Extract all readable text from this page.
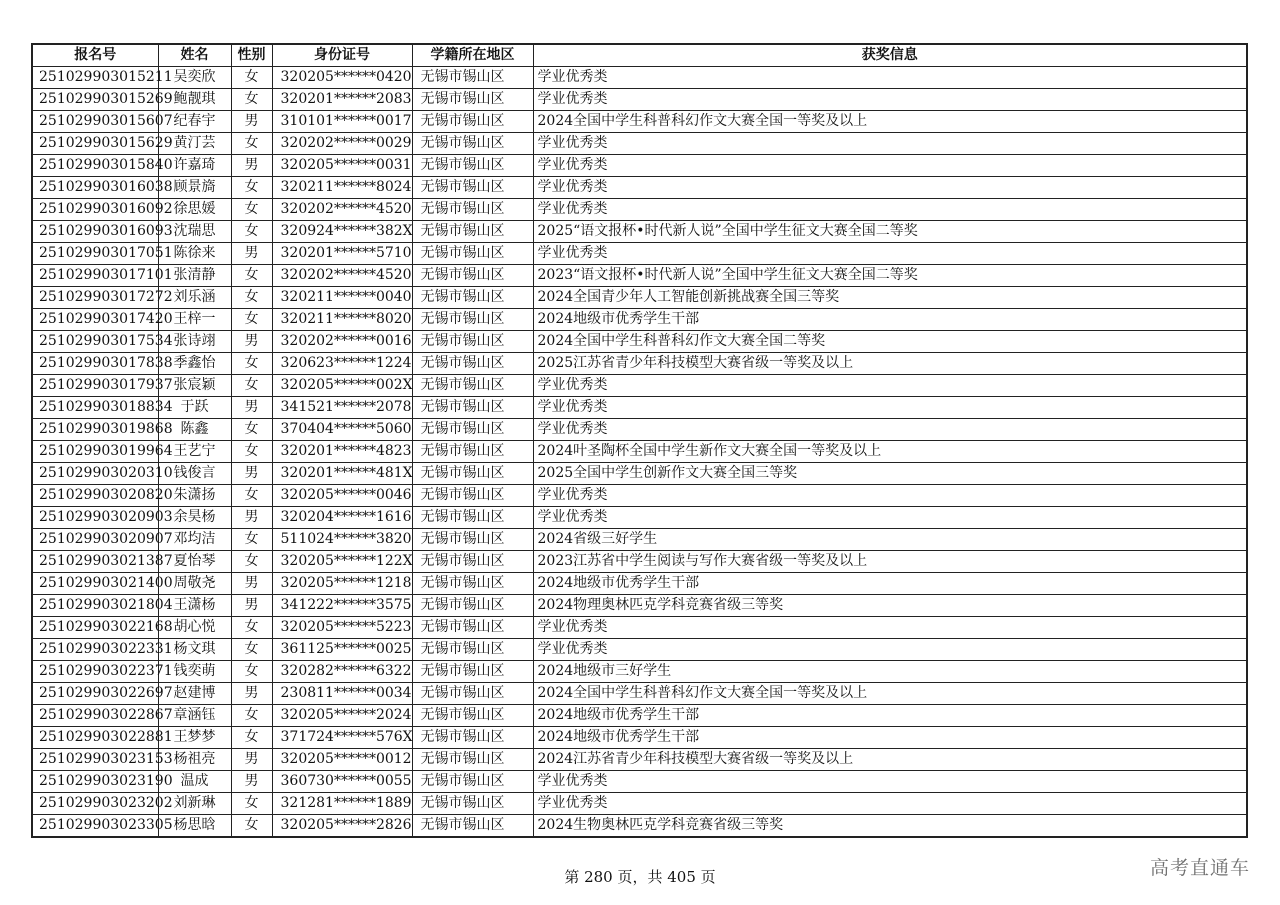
报名号	姓名	性别	身份证号	学籍所在地区	获奖信息
251029903015211	吴奕欣	女	320205******0420	无锡市锡山区	学业优秀类
251029903015269	鲍靓琪	女	320201******2083	无锡市锡山区	学业优秀类
251029903015607	纪春宇	男	310101******0017	无锡市锡山区	2024全国中学生科普科幻作文大赛全国一等奖及以上
251029903015629	黄汀芸	女	320202******0029	无锡市锡山区	学业优秀类
251029903015840	许嘉琦	男	320205******0031	无锡市锡山区	学业优秀类
251029903016038	顾景旖	女	320211******8024	无锡市锡山区	学业优秀类
251029903016092	徐思媛	女	320202******4520	无锡市锡山区	学业优秀类
251029903016093	沈瑞思	女	320924******382X	无锡市锡山区	2025“语文报杯•时代新人说”全国中学生征文大赛全国二等奖
251029903017051	陈徐来	男	320201******5710	无锡市锡山区	学业优秀类
251029903017101	张清静	女	320202******4520	无锡市锡山区	2023“语文报杯•时代新人说”全国中学生征文大赛全国二等奖
251029903017272	刘乐涵	女	320211******0040	无锡市锡山区	2024全国青少年人工智能创新挑战赛全国三等奖
251029903017420	王梓一	女	320211******8020	无锡市锡山区	2024地级市优秀学生干部
251029903017534	张诗翊	男	320202******0016	无锡市锡山区	2024全国中学生科普科幻作文大赛全国二等奖
251029903017838	季鑫怡	女	320623******1224	无锡市锡山区	2025江苏省青少年科技模型大赛省级一等奖及以上
251029903017937	张宸颖	女	320205******002X	无锡市锡山区	学业优秀类
251029903018834	于跃	男	341521******2078	无锡市锡山区	学业优秀类
251029903019868	陈鑫	女	370404******5060	无锡市锡山区	学业优秀类
251029903019964	王艺宁	女	320201******4823	无锡市锡山区	2024叶圣陶杯全国中学生新作文大赛全国一等奖及以上
251029903020310	钱俊言	男	320201******481X	无锡市锡山区	2025全国中学生创新作文大赛全国三等奖
251029903020820	朱潇扬	女	320205******0046	无锡市锡山区	学业优秀类
251029903020903	余昊杨	男	320204******1616	无锡市锡山区	学业优秀类
251029903020907	邓均洁	女	511024******3820	无锡市锡山区	2024省级三好学生
251029903021387	夏怡琴	女	320205******122X	无锡市锡山区	2023江苏省中学生阅读与写作大赛省级一等奖及以上
251029903021400	周敬尧	男	320205******1218	无锡市锡山区	2024地级市优秀学生干部
251029903021804	王潇杨	男	341222******3575	无锡市锡山区	2024物理奥林匹克学科竞赛省级三等奖
251029903022168	胡心悦	女	320205******5223	无锡市锡山区	学业优秀类
251029903022331	杨文琪	女	361125******0025	无锡市锡山区	学业优秀类
251029903022371	钱奕萌	女	320282******6322	无锡市锡山区	2024地级市三好学生
251029903022697	赵建博	男	230811******0034	无锡市锡山区	2024全国中学生科普科幻作文大赛全国一等奖及以上
251029903022867	章涵钰	女	320205******2024	无锡市锡山区	2024地级市优秀学生干部
251029903022881	王梦梦	女	371724******576X	无锡市锡山区	2024地级市优秀学生干部
251029903023153	杨祖亮	男	320205******0012	无锡市锡山区	2024江苏省青少年科技模型大赛省级一等奖及以上
251029903023190	温成	男	360730******0055	无锡市锡山区	学业优秀类
251029903023202	刘新琳	女	321281******1889	无锡市锡山区	学业优秀类
251029903023305	杨思晗	女	320205******2826	无锡市锡山区	2024生物奥林匹克学科竞赛省级三等奖
第 280 页，共 405 页	高考直通车
